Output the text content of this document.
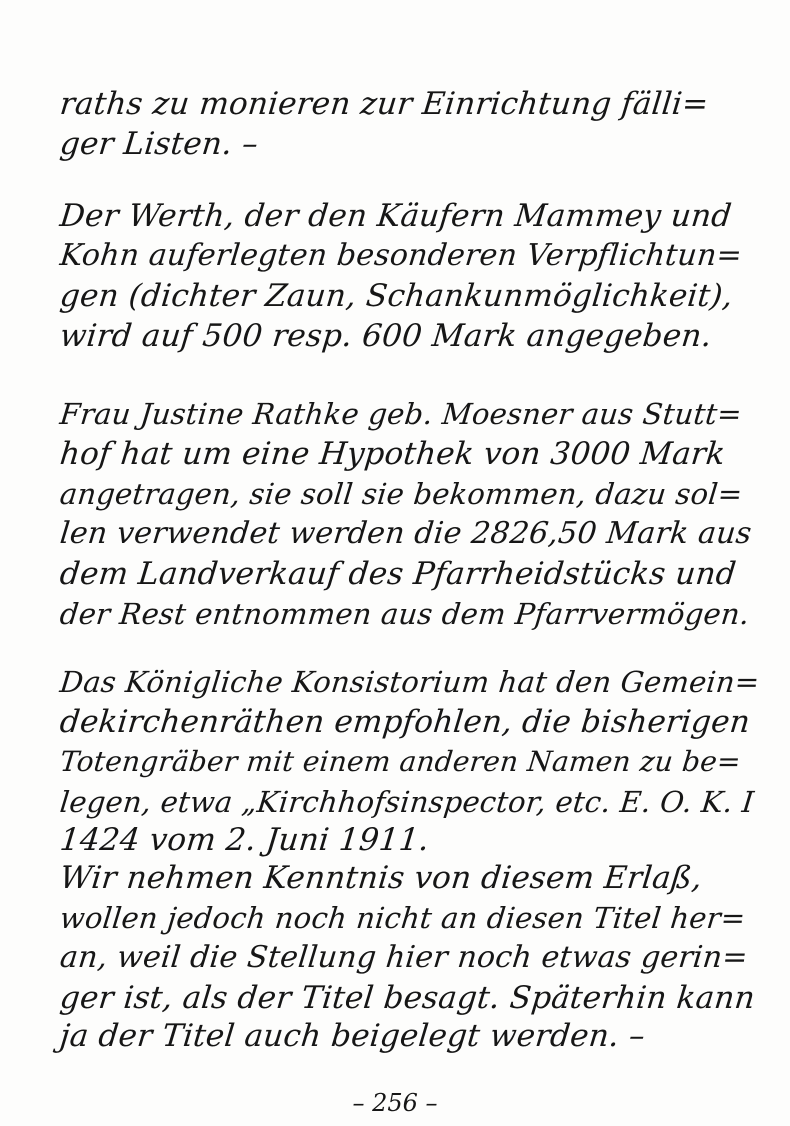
raths zu monieren zur Einrichtung fälli=
ger Listen. –
Der Werth, der den Käufern Mammey und
Kohn auferlegten besonderen Verpflichtun=
gen (dichter Zaun, Schankunmöglichkeit),
wird auf 500 resp. 600 Mark angegeben.
Frau Justine Rathke geb. Moesner aus Stutt=
hof hat um eine Hypothek von 3000 Mark
angetragen, sie soll sie bekommen, dazu sol=
len verwendet werden die 2826,50 Mark aus
dem Landverkauf des Pfarrheidstücks und
der Rest entnommen aus dem Pfarrvermögen.
Das Königliche Konsistorium hat den Gemein=
dekirchenräthen empfohlen, die bisherigen
Totengräber mit einem anderen Namen zu be=
legen, etwa „Kirchhofsinspector, etc. E. O. K. I
1424 vom 2. Juni 1911.
Wir nehmen Kenntnis von diesem Erlaß,
wollen jedoch noch nicht an diesen Titel her=
an, weil die Stellung hier noch etwas gerin=
ger ist, als der Titel besagt. Späterhin kann
ja der Titel auch beigelegt werden. –
– 256 –
